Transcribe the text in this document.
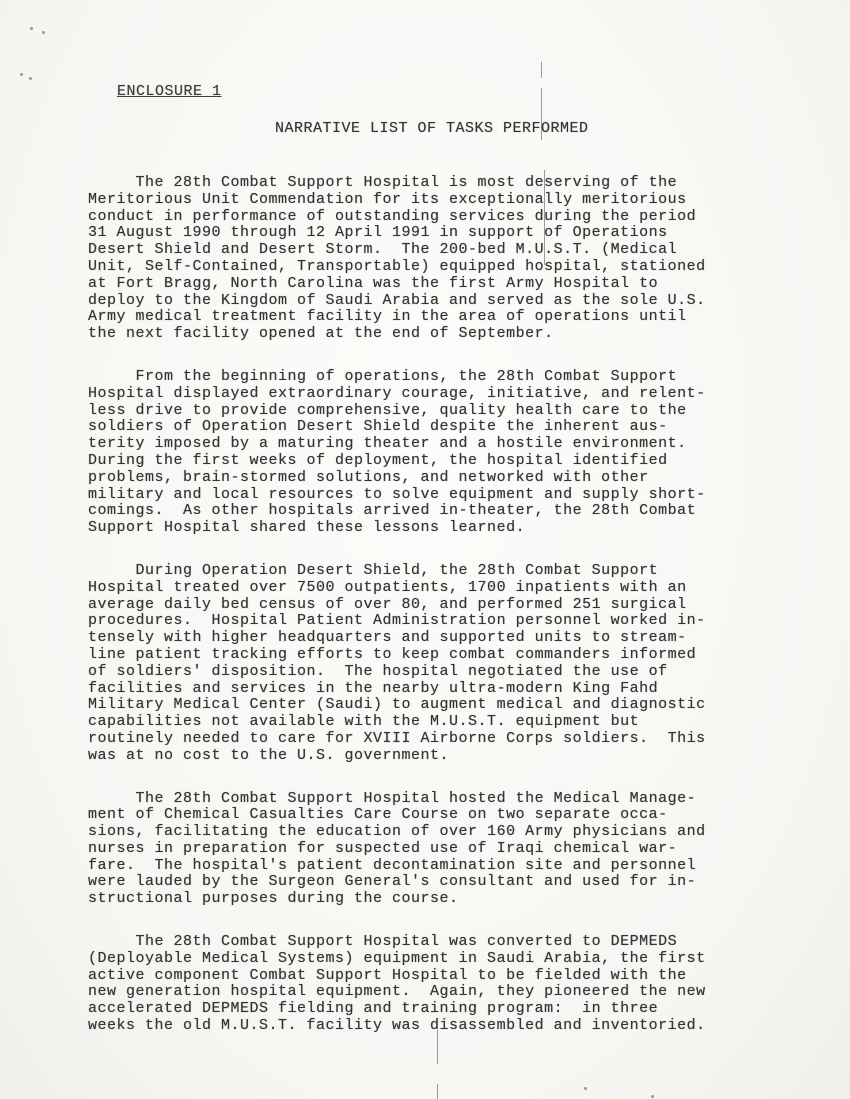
ENCLOSURE 1
NARRATIVE LIST OF TASKS PERFORMED
The 28th Combat Support Hospital is most deserving of the
Meritorious Unit Commendation for its exceptionally meritorious
conduct in performance of outstanding services during the period
31 August 1990 through 12 April 1991 in support of Operations
Desert Shield and Desert Storm.  The 200-bed M.U.S.T. (Medical
Unit, Self-Contained, Transportable) equipped hospital, stationed
at Fort Bragg, North Carolina was the first Army Hospital to
deploy to the Kingdom of Saudi Arabia and served as the sole U.S.
Army medical treatment facility in the area of operations until
the next facility opened at the end of September.
From the beginning of operations, the 28th Combat Support
Hospital displayed extraordinary courage, initiative, and relent-
less drive to provide comprehensive, quality health care to the
soldiers of Operation Desert Shield despite the inherent aus-
terity imposed by a maturing theater and a hostile environment.
During the first weeks of deployment, the hospital identified
problems, brain-stormed solutions, and networked with other
military and local resources to solve equipment and supply short-
comings.  As other hospitals arrived in-theater, the 28th Combat
Support Hospital shared these lessons learned.
During Operation Desert Shield, the 28th Combat Support
Hospital treated over 7500 outpatients, 1700 inpatients with an
average daily bed census of over 80, and performed 251 surgical
procedures.  Hospital Patient Administration personnel worked in-
tensely with higher headquarters and supported units to stream-
line patient tracking efforts to keep combat commanders informed
of soldiers' disposition.  The hospital negotiated the use of
facilities and services in the nearby ultra-modern King Fahd
Military Medical Center (Saudi) to augment medical and diagnostic
capabilities not available with the M.U.S.T. equipment but
routinely needed to care for XVIII Airborne Corps soldiers.  This
was at no cost to the U.S. government.
The 28th Combat Support Hospital hosted the Medical Manage-
ment of Chemical Casualties Care Course on two separate occa-
sions, facilitating the education of over 160 Army physicians and
nurses in preparation for suspected use of Iraqi chemical war-
fare.  The hospital's patient decontamination site and personnel
were lauded by the Surgeon General's consultant and used for in-
structional purposes during the course.
The 28th Combat Support Hospital was converted to DEPMEDS
(Deployable Medical Systems) equipment in Saudi Arabia, the first
active component Combat Support Hospital to be fielded with the
new generation hospital equipment.  Again, they pioneered the new
accelerated DEPMEDS fielding and training program:  in three
weeks the old M.U.S.T. facility was disassembled and inventoried.
